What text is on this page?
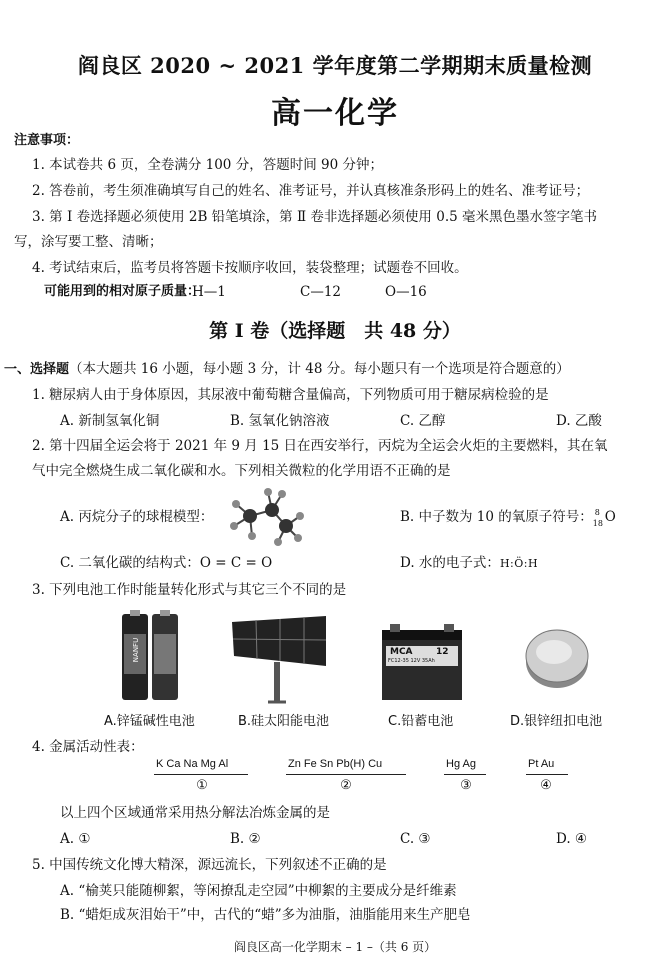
阎良区 2020 ~ 2021 学年度第二学期期末质量检测
高一化学
注意事项：
1. 本试卷共 6 页，全卷满分 100 分，答题时间 90 分钟；
2. 答卷前，考生须准确填写自己的姓名、准考证号，并认真核准条形码上的姓名、准考证号；
3. 第 Ⅰ 卷选择题必须使用 2B 铅笔填涂，第 Ⅱ 卷非选择题必须使用 0.5 毫米黑色墨水签字笔书
写，涂写要工整、清晰；
4. 考试结束后，监考员将答题卡按顺序收回，装袋整理；试题卷不回收。
可能用到的相对原子质量：
H—1	C—12	O—16
第 Ⅰ 卷（选择题　共 48 分）
一、选择题（本大题共 16 小题，每小题 3 分，计 48 分。每小题只有一个选项是符合题意的）
1. 糖尿病人由于身体原因，其尿液中葡萄糖含量偏高，下列物质可用于糖尿病检验的是
A. 新制氢氧化铜	B. 氢氧化钠溶液	C. 乙醇	D. 乙酸
2. 第十四届全运会将于 2021 年 9 月 15 日在西安举行，丙烷为全运会火炬的主要燃料，其在氧
气中完全燃烧生成二氧化碳和水。下列相关微粒的化学用语不正确的是
A. 丙烷分子的球棍模型：	B. 中子数为 10 的氧原子符号： 8
18 O
C. 二氧化碳的结构式：O = C = O	D. 水的电子式：H:Ö:H
3. 下列电池工作时能量转化形式与其它三个不同的是
NANFU	MCA	12
FC12-35 12V 35Ah
A.锌锰碱性电池	B.硅太阳能电池	C.铅蓄电池	D.银锌纽扣电池
4. 金属活动性表：
K Ca Na Mg Al
①
Zn Fe Sn Pb(H) Cu
②
Hg Ag
③
Pt Au
④
以上四个区域通常采用热分解法冶炼金属的是
A. ①	B. ②	C. ③	D. ④
5. 中国传统文化博大精深，源远流长，下列叙述不正确的是
A. “榆荚只能随柳絮，等闲撩乱走空园”中柳絮的主要成分是纤维素
B. “蜡炬成灰泪始干”中，古代的“蜡”多为油脂，油脂能用来生产肥皂
阎良区高一化学期末 – 1 –（共 6 页）
